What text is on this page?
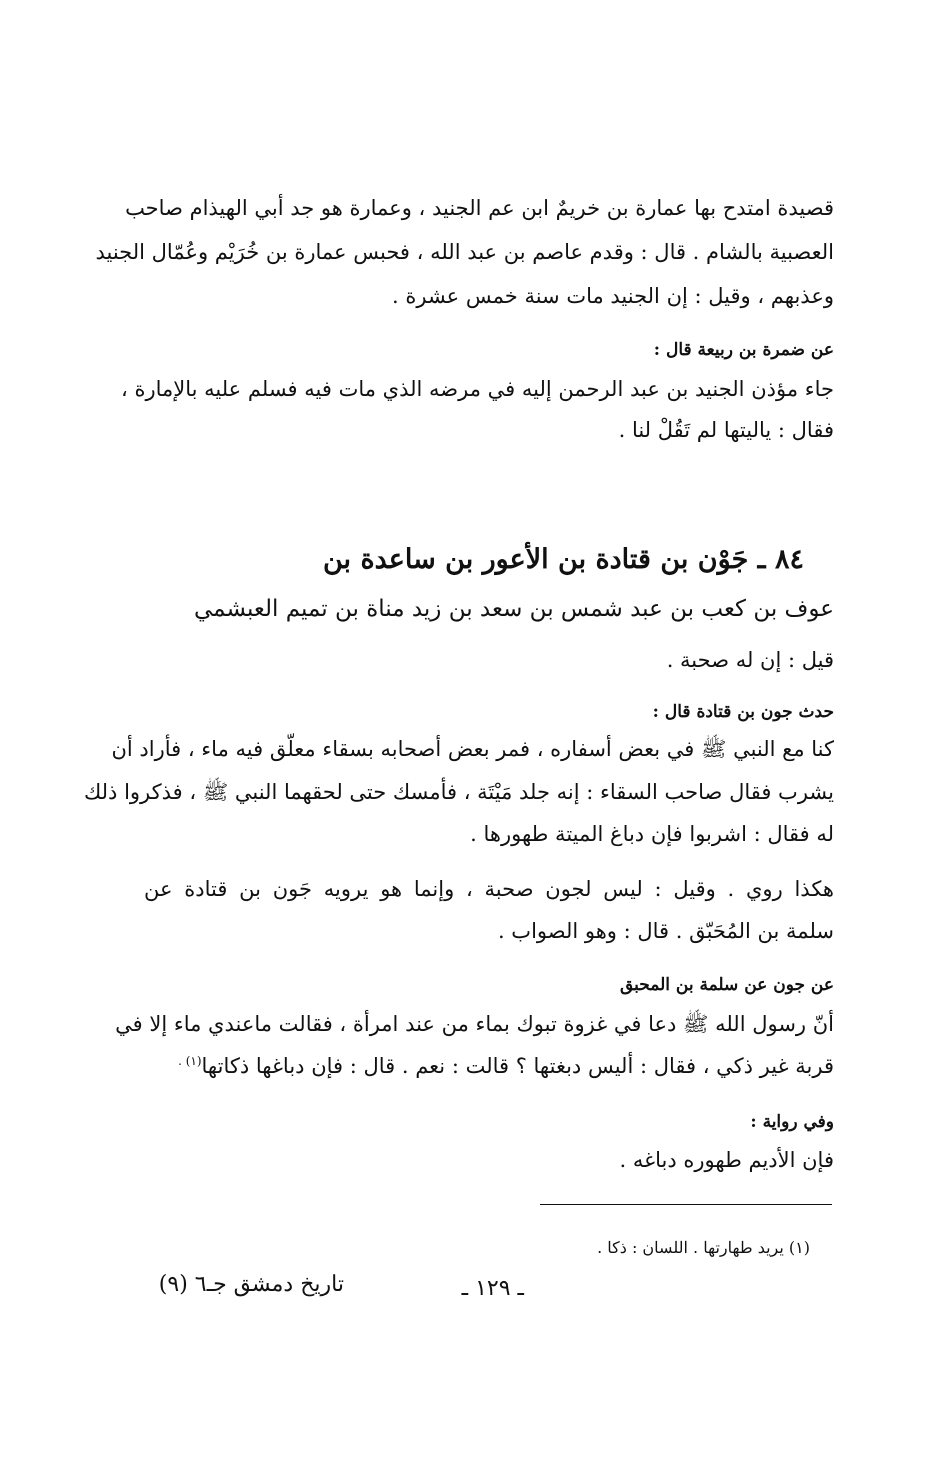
قصيدة امتدح بها عمارة بن خريمٌ ابن عم الجنيد ، وعمارة هو جد أبي الهيذام صاحب
العصبية بالشام . قال : وقدم عاصم بن عبد الله ، فحبس عمارة بن خُرَيْم وعُمّال الجنيد
وعذبهم ، وقيل : إن الجنيد مات سنة خمس عشرة .
عن ضمرة بن ربيعة قال :
جاء مؤذن الجنيد بن عبد الرحمن إليه في مرضه الذي مات فيه فسلم عليه بالإمارة ،
فقال : ياليتها لم تَقُلْ لنا .
٨٤ ـ جَوْن بن قتادة بن الأعور بن ساعدة بن
عوف بن كعب بن عبد شمس بن سعد بن زيد مناة بن تميم العبشمي
قيل : إن له صحبة .
حدث جون بن قتادة قال :
كنا مع النبي ﷺ في بعض أسفاره ، فمر بعض أصحابه بسقاء معلّق فيه ماء ، فأراد أن
يشرب فقال صاحب السقاء : إنه جلد مَيْتَة ، فأمسك حتى لحقهما النبي ﷺ ، فذكروا ذلك
له فقال : اشربوا فإن دباغ الميتة طهورها .
هكذا روي . وقيل : ليس لجون صحبة ، وإنما هو يرويه جَون بن قتادة عن
سلمة بن المُحَبّق . قال : وهو الصواب .
عن جون عن سلمة بن المحبق
أنّ رسول الله ﷺ دعا في غزوة تبوك بماء من عند امرأة ، فقالت ماعندي ماء إلا في
قربة غير ذكي ، فقال : أليس دبغتها ؟ قالت : نعم . قال : فإن دباغها ذكاتها$^{(١) .}$
وفي رواية :
فإن الأديم طهوره دباغه .
(١) يريد طهارتها . اللسان : ذكا .
تاريخ دمشق جـ٦ (٩)	ـ ١٢٩ ـ
